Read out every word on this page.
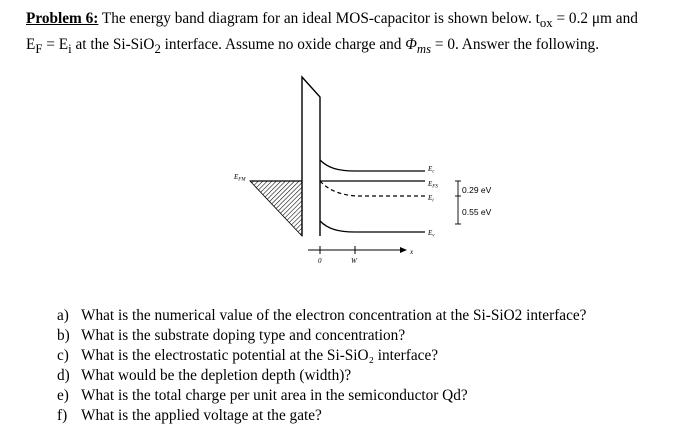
Problem 6: The energy band diagram for an ideal MOS-capacitor is shown below. $t_{ox} = 0.2$ μm and
$E_F = E_i$ at the Si-SiO$_2$ interface. Assume no oxide charge and $\Phi_{ms} = 0$. Answer the following.
$E_{FM}$
$E_c$
$E_{FS}$
$E_i$
$E_v$
0.29 eV
0.55 eV
0	W
x
a) What is the numerical value of the electron concentration at the Si-SiO2 interface?
b) What is the substrate doping type and concentration?
c) What is the electrostatic potential at the Si-SiO₂ interface?
d) What would be the depletion depth (width)?
e) What is the total charge per unit area in the semiconductor Qd?
f) What is the applied voltage at the gate?
